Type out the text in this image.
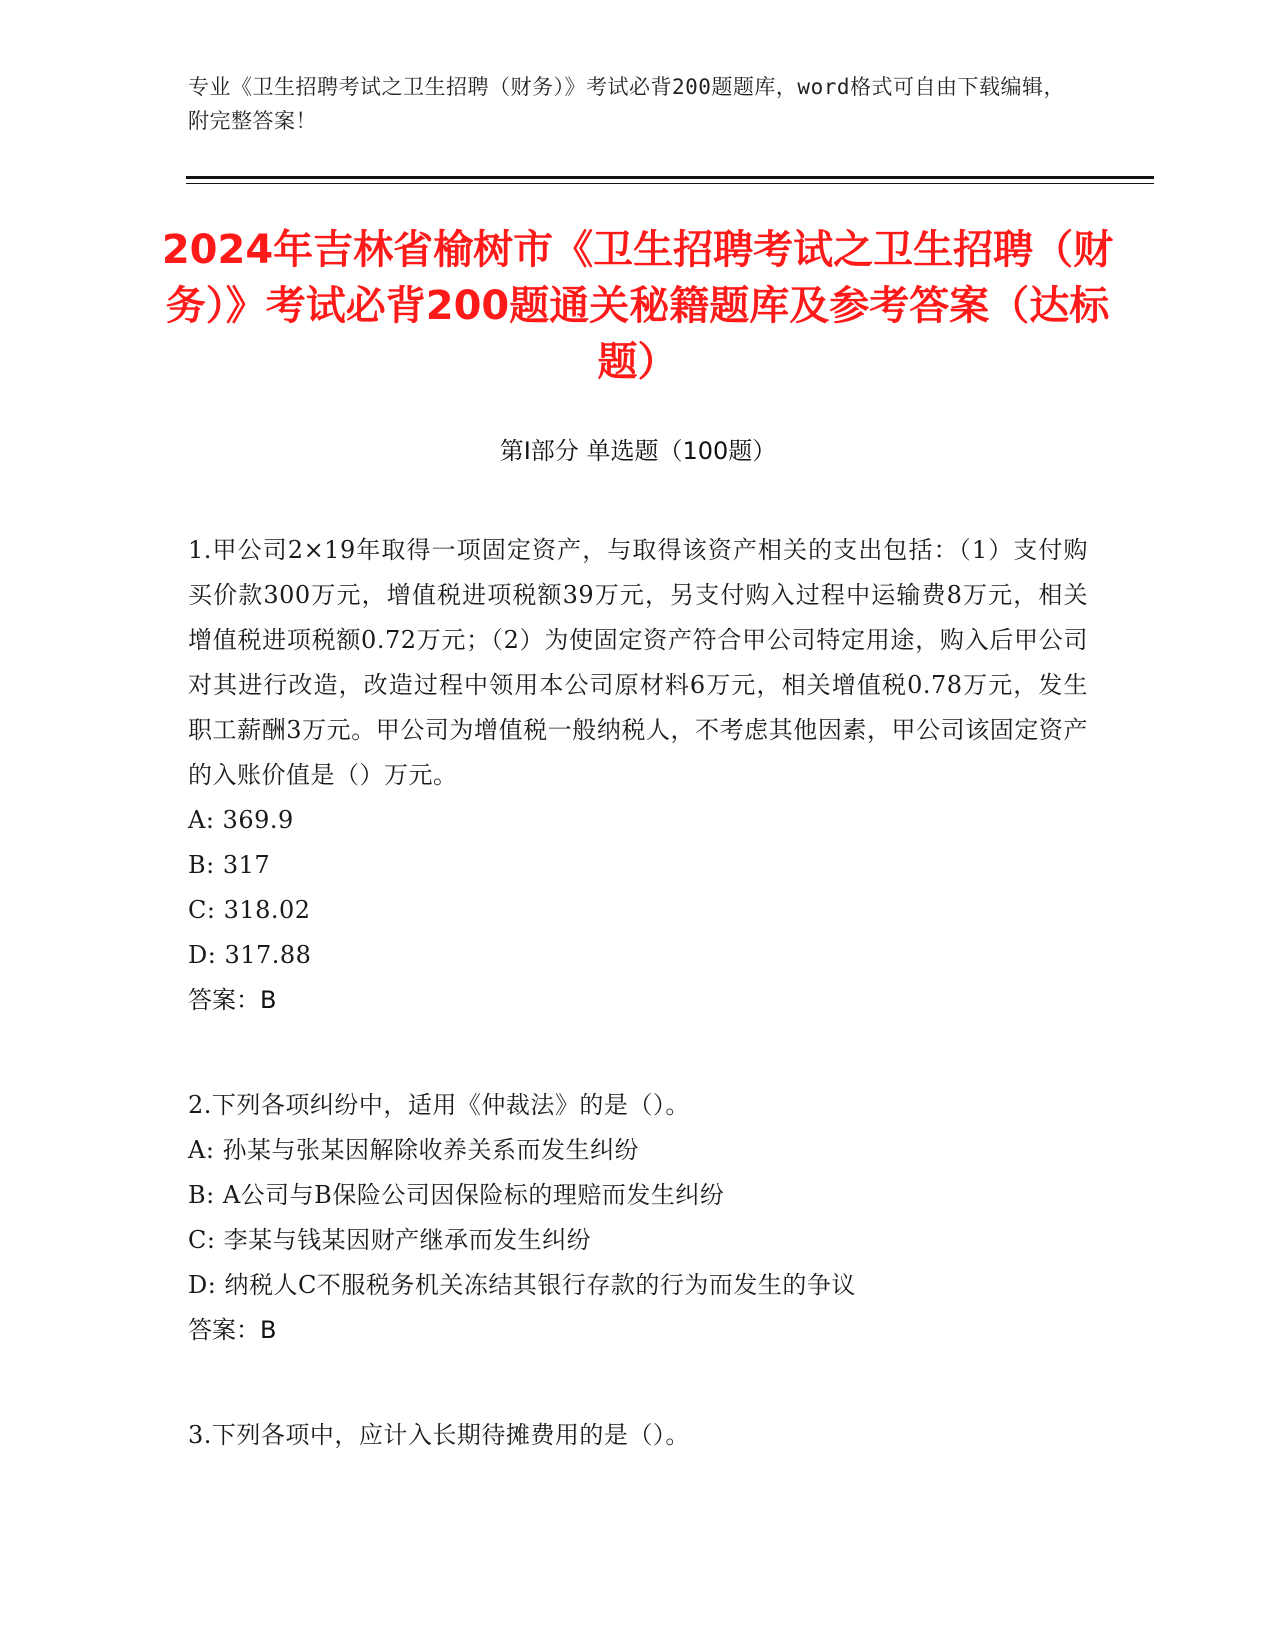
专业《卫生招聘考试之卫生招聘（财务）》考试必背200题题库，word格式可自由下载编辑，附完整答案！
2024年吉林省榆树市《卫生招聘考试之卫生招聘（财务）》考试必背200题通关秘籍题库及参考答案（达标题）
第I部分 单选题（100题）
1.甲公司2×19年取得一项固定资产，与取得该资产相关的支出包括：（1）支付购买价款300万元，增值税进项税额39万元，另支付购入过程中运输费8万元，相关增值税进项税额0.72万元；（2）为使固定资产符合甲公司特定用途，购入后甲公司对其进行改造，改造过程中领用本公司原材料6万元，相关增值税0.78万元，发生职工薪酬3万元。甲公司为增值税一般纳税人，不考虑其他因素，甲公司该固定资产的入账价值是（）万元。
A: 369.9
B: 317
C: 318.02
D: 317.88
答案：B
2.下列各项纠纷中，适用《仲裁法》的是（）。
A: 孙某与张某因解除收养关系而发生纠纷
B: A公司与B保险公司因保险标的理赔而发生纠纷
C: 李某与钱某因财产继承而发生纠纷
D: 纳税人C不服税务机关冻结其银行存款的行为而发生的争议
答案：B
3.下列各项中，应计入长期待摊费用的是（）。
